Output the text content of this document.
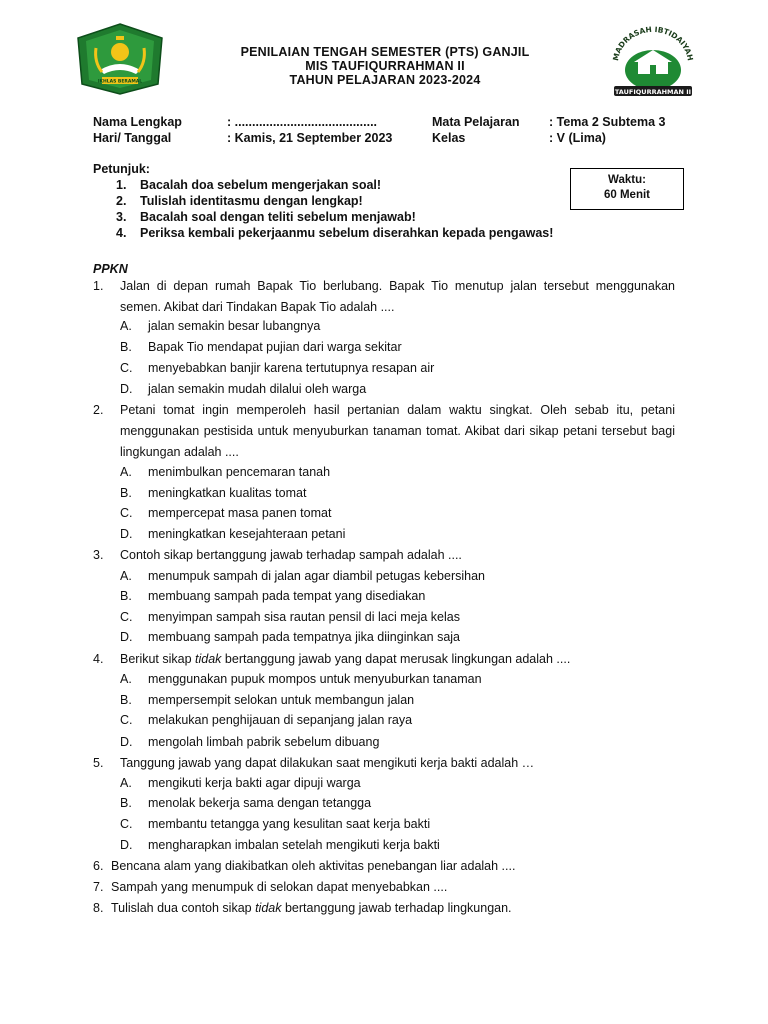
IKHLAS BERAMAL
PENILAIAN TENGAH SEMESTER (PTS) GANJIL
MIS TAUFIQURRAHMAN II
TAHUN PELAJARAN 2023-2024
MADRASAH IBTIDAIYAH
TAUFIQURRAHMAN II
Nama Lengkap	: .........................................	Mata Pelajaran : Tema 2 Subtema 3
Hari/ Tanggal	: Kamis, 21 September 2023	Kelas	: V (Lima)
Petunjuk:
1. Bacalah doa sebelum mengerjakan soal!
2. Tulislah identitasmu dengan lengkap!
3. Bacalah soal dengan teliti sebelum menjawab!
4. Periksa kembali pekerjaanmu sebelum diserahkan kepada pengawas!
Waktu:
60 Menit
PPKN
1. Jalan di depan rumah Bapak Tio berlubang. Bapak Tio menutup jalan tersebut menggunakan semen. Akibat dari Tindakan Bapak Tio adalah ....
A. jalan semakin besar lubangnya
B. Bapak Tio mendapat pujian dari warga sekitar
C. menyebabkan banjir karena tertutupnya resapan air
D. jalan semakin mudah dilalui oleh warga
2. Petani tomat ingin memperoleh hasil pertanian dalam waktu singkat. Oleh sebab itu, petani menggunakan pestisida untuk menyuburkan tanaman tomat. Akibat dari sikap petani tersebut bagi lingkungan adalah ....
A. menimbulkan pencemaran tanah
B. meningkatkan kualitas tomat
C. mempercepat masa panen tomat
D. meningkatkan kesejahteraan petani
3. Contoh sikap bertanggung jawab terhadap sampah adalah ....
A. menumpuk sampah di jalan agar diambil petugas kebersihan
B. membuang sampah pada tempat yang disediakan
C. menyimpan sampah sisa rautan pensil di laci meja kelas
D. membuang sampah pada tempatnya jika diinginkan saja
4. Berikut sikap tidak bertanggung jawab yang dapat merusak lingkungan adalah ....
A. menggunakan pupuk mompos untuk menyuburkan tanaman
B. mempersempit selokan untuk membangun jalan
C. melakukan penghijauan di sepanjang jalan raya
D. mengolah limbah pabrik sebelum dibuang
5. Tanggung jawab yang dapat dilakukan saat mengikuti kerja bakti adalah …
A. mengikuti kerja bakti agar dipuji warga
B. menolak bekerja sama dengan tetangga
C. membantu tetangga yang kesulitan saat kerja bakti
D. mengharapkan imbalan setelah mengikuti kerja bakti
6. Bencana alam yang diakibatkan oleh aktivitas penebangan liar adalah ....
7. Sampah yang menumpuk di selokan dapat menyebabkan ....
8. Tulislah dua contoh sikap tidak bertanggung jawab terhadap lingkungan.
